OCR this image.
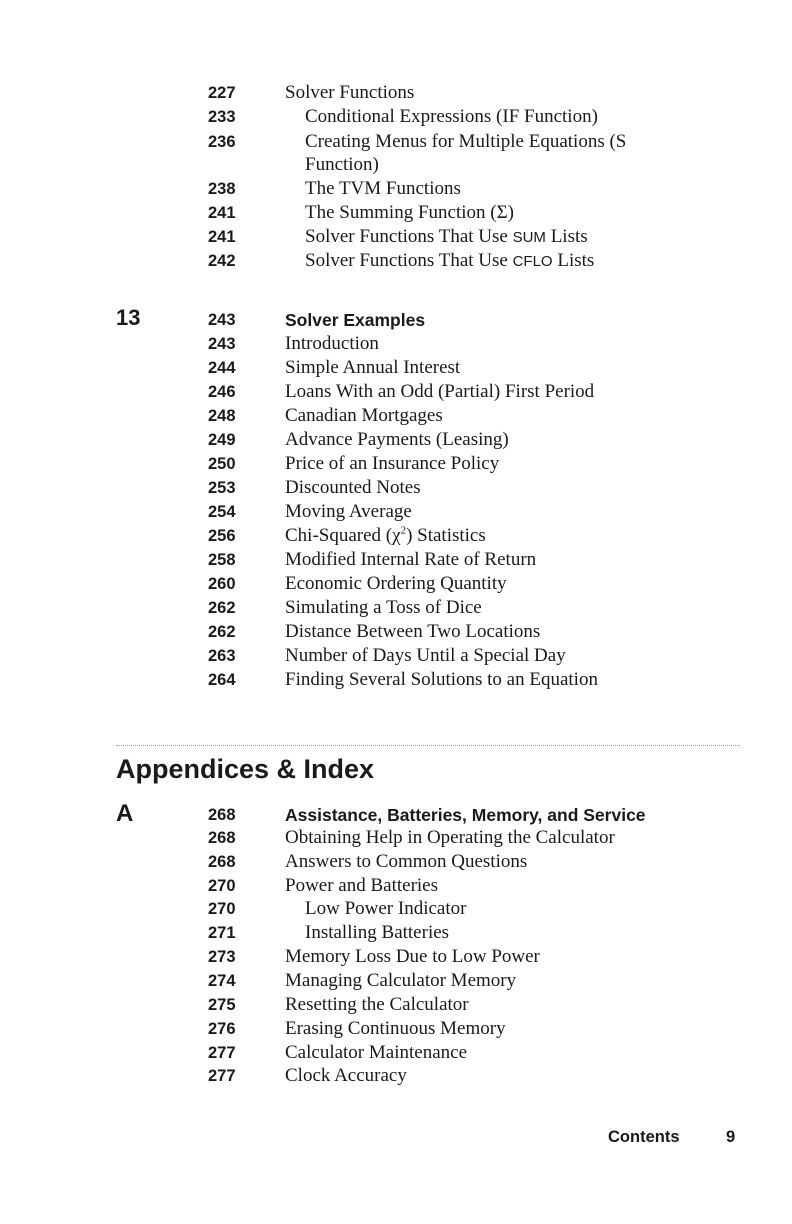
227	Solver Functions
233	Conditional Expressions (IF Function)
236	Creating Menus for Multiple Equations (S
Function)
238	The TVM Functions
241	The Summing Function (Σ)
241	Solver Functions That Use SUM Lists
242	Solver Functions That Use CFLO Lists
13	243	Solver Examples
243	Introduction
244	Simple Annual Interest
246	Loans With an Odd (Partial) First Period
248	Canadian Mortgages
249	Advance Payments (Leasing)
250	Price of an Insurance Policy
253	Discounted Notes
254	Moving Average
256	Chi-Squared $(\chi^2)$ Statistics
258	Modified Internal Rate of Return
260	Economic Ordering Quantity
262	Simulating a Toss of Dice
262	Distance Between Two Locations
263	Number of Days Until a Special Day
264	Finding Several Solutions to an Equation
Appendices & Index
A	268	Assistance, Batteries, Memory, and Service
268	Obtaining Help in Operating the Calculator
268	Answers to Common Questions
270	Power and Batteries
270	Low Power Indicator
271	Installing Batteries
273	Memory Loss Due to Low Power
274	Managing Calculator Memory
275	Resetting the Calculator
276	Erasing Continuous Memory
277	Calculator Maintenance
277	Clock Accuracy
Contents	9
